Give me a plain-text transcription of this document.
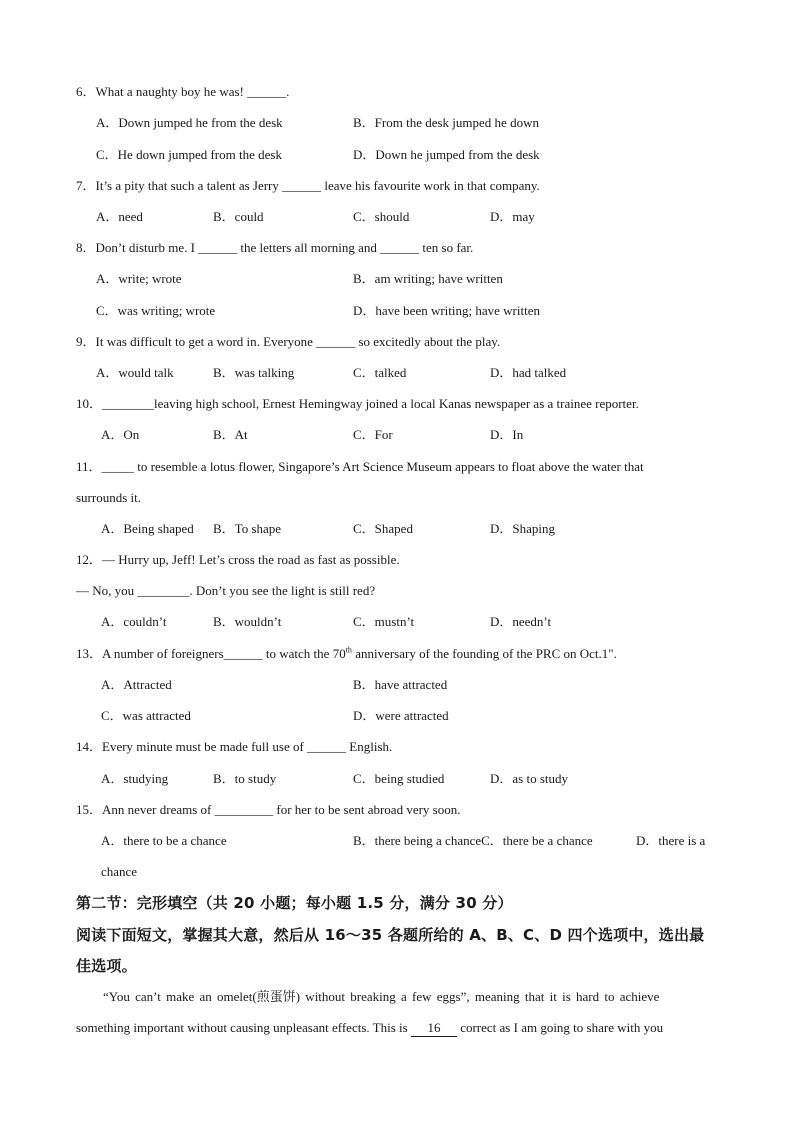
6．What a naughty boy he was! ______.
A．Down jumped he from the desk	B．From the desk jumped he down
C．He down jumped from the desk	D．Down he jumped from the desk
7．It’s a pity that such a talent as Jerry ______ leave his favourite work in that company.
A．need	B．could	C．should	D．may
8．Don’t disturb me. I ______ the letters all morning and ______ ten so far.
A．write; wrote	B．am writing; have written
C．was writing; wrote	D．have been writing; have written
9．It was difficult to get a word in. Everyone ______ so excitedly about the play.
A．would talk	B．was talking	C．talked	D．had talked
10．________leaving high school, Ernest Hemingway joined a local Kanas newspaper as a trainee reporter.
A．On	B．At	C．For	D．In
11．_____ to resemble a lotus flower, Singapore’s Art Science Museum appears to float above the water that
surrounds it.
A．Being shaped B．To shape	C．Shaped	D．Shaping
12．— Hurry up, Jeff! Let’s cross the road as fast as possible.
— No, you ________. Don’t you see the light is still red?
A．couldn’t	B．wouldn’t	C．mustn’t	D．needn’t
13．A number of foreigners______ to watch the 70th anniversary of the founding of the PRC on Oct.1".
A．Attracted	B．have attracted
C．was attracted	D．were attracted
14．Every minute must be made full use of ______ English.
A．studying	B．to study	C．being studied	D．as to study
15．Ann never dreams of _________ for her to be sent abroad very soon.
A．there to be a chance	B．there being a chanceC．there be a chance	D．there is a
chance
第二节：完形填空（共 20 小题；每小题 1.5 分，满分 30 分）
阅读下面短文，掌握其大意，然后从 16～35 各题所给的 A、B、C、D 四个选项中，选出最
佳选项。
“You can’t make an omelet(煎蛋饼) without breaking a few eggs”, meaning that it is hard to achieve
something important without causing unpleasant effects. This is 16 correct as I am going to share with you
